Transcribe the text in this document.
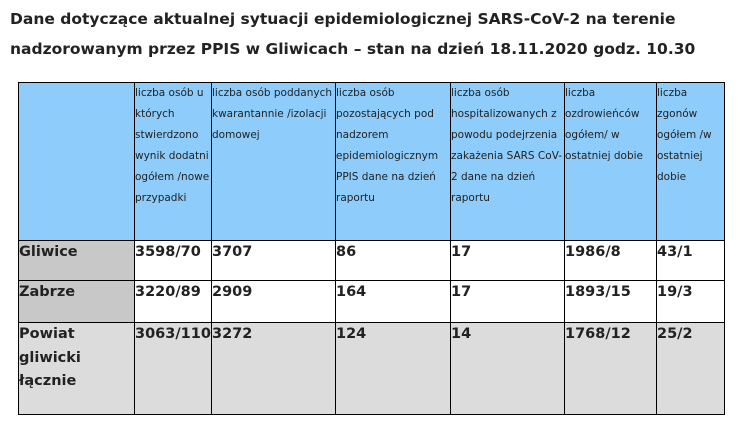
Dane dotyczące aktualnej sytuacji epidemiologicznej SARS-CoV-2 na terenie
nadzorowanym przez PPIS w Gliwicach – stan na dzień 18.11.2020 godz. 10.30
	liczba osób u których stwierdzono wynik dodatni ogółem /nowe przypadki	liczba osób poddanych kwarantannie /izolacji domowej	liczba osób pozostających pod nadzorem epidemiologicznym PPIS dane na dzień raportu	liczba osób hospitalizowanych z powodu podejrzenia zakażenia SARS CoV-2 dane na dzień raportu	liczba ozdrowieńców ogółem/ w ostatniej dobie	liczba zgonów ogółem /w ostatniej dobie
Gliwice	3598/70	3707	86	17	1986/8	43/1
Zabrze	3220/89	2909	164	17	1893/15	19/3
Powiat gliwicki łącznie	3063/110	3272	124	14	1768/12	25/2
